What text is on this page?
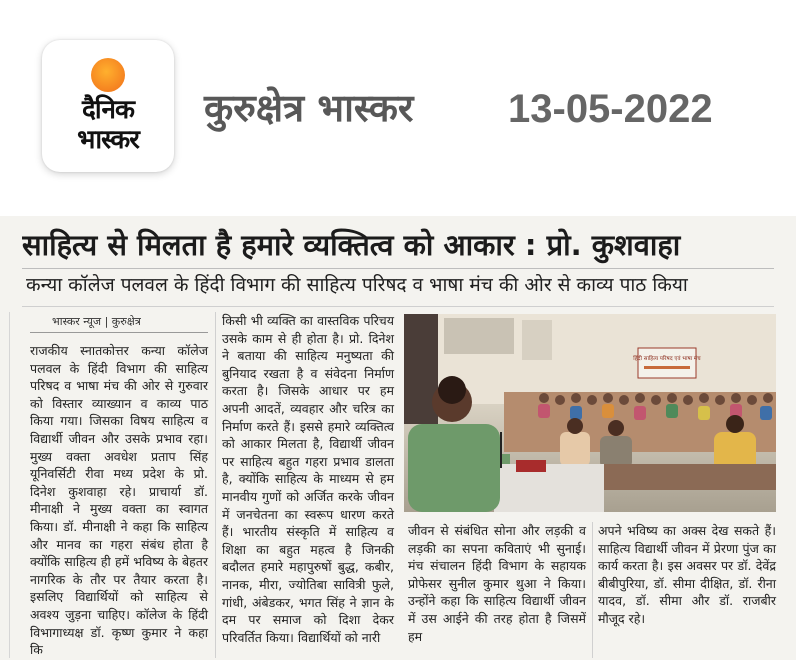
दैनिक
भास्कर
कुरुक्षेत्र भास्कर 13-05-2022
साहित्य से मिलता है हमारे व्यक्तित्व को आकार : प्रो. कुशवाहा
कन्या कॉलेज पलवल के हिंदी विभाग की साहित्य परिषद व भाषा मंच की ओर से काव्य पाठ किया
भास्कर न्यूज | कुरुक्षेत्र

राजकीय स्नातकोत्तर कन्या कॉलेज पलवल के हिंदी विभाग की साहित्य परिषद व भाषा मंच की ओर से गुरुवार को विस्तार व्याख्यान व काव्य पाठ किया गया। जिसका विषय साहित्य व विद्यार्थी जीवन और उसके प्रभाव रहा। मुख्य वक्ता अवधेश प्रताप सिंह यूनिवर्सिटी रीवा मध्य प्रदेश के प्रो. दिनेश कुशवाहा रहे। प्राचार्या डॉ. मीनाक्षी ने मुख्य वक्ता का स्वागत किया। डॉ. मीनाक्षी ने कहा कि साहित्य और मानव का गहरा संबंध होता है क्योंकि साहित्य ही हमें भविष्य के बेहतर नागरिक के तौर पर तैयार करता है। इसलिए विद्यार्थियों को साहित्य से अवश्य जुड़ना चाहिए। कॉलेज के हिंदी विभागाध्यक्ष डॉ. कृष्ण कुमार ने कहा कि

किसी भी व्यक्ति का वास्तविक परिचय उसके काम से ही होता है। प्रो. दिनेश ने बताया की साहित्य मनुष्यता की बुनियाद रखता है व संवेदना निर्माण करता है। जिसके आधार पर हम अपनी आदतें, व्यवहार और चरित्र का निर्माण करते हैं। इससे हमारे व्यक्तित्व को आकार मिलता है, विद्यार्थी जीवन पर साहित्य बहुत गहरा प्रभाव डालता है, क्योंकि साहित्य के माध्यम से हम मानवीय गुणों को अर्जित करके जीवन में जनचेतना का स्वरूप धारण करते हैं। भारतीय संस्कृति में साहित्य व शिक्षा का बहुत महत्व है जिनकी बदौलत हमारे महापुरुषों बुद्ध, कबीर, नानक, मीरा, ज्योतिबा सावित्री फुले, गांधी, अंबेडकर, भगत सिंह ने ज्ञान के दम पर समाज को दिशा देकर परिवर्तित किया। विद्यार्थियों को नारी

हिंदी साहित्य परिषद एवं भाषा मंच

जीवन से संबंधित सोना और लड़की व लड़की का सपना कविताएं भी सुनाई। मंच संचालन हिंदी विभाग के सहायक प्रोफेसर सुनील कुमार थुआ ने किया। उन्होंने कहा कि साहित्य विद्यार्थी जीवन में उस आईने की तरह होता है जिसमें हम

अपने भविष्य का अक्स देख सकते हैं। साहित्य विद्यार्थी जीवन में प्रेरणा पुंज का कार्य करता है। इस अवसर पर डॉ. देवेंद्र बीबीपुरिया, डॉ. सीमा दीक्षित, डॉ. रीना यादव, डॉ. सीमा और डॉ. राजबीर मौजूद रहे।
